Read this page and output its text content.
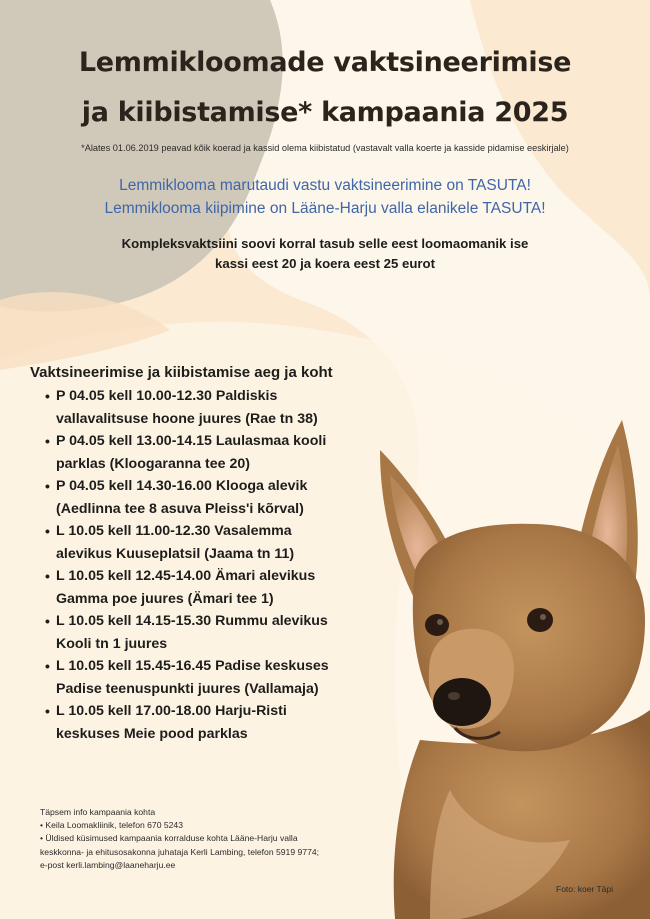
Lemmikloomade vaktsineerimise
ja kiibistamise* kampaania 2025
*Alates 01.06.2019 peavad kõik koerad ja kassid olema kiibistatud (vastavalt valla koerte ja kasside pidamise eeskirjale)
Lemmiklooma marutaudi vastu vaktsineerimine on TASUTA!
Lemmiklooma kiipimine on Lääne-Harju valla elanikele TASUTA!
Kompleksvaktsiini soovi korral tasub selle eest loomaomanik ise
kassi eest 20 ja koera eest 25 eurot
Vaktsineerimise ja kiibistamise aeg ja koht
• P 04.05 kell 10.00-12.30 Paldiskis
vallavalitsuse hoone juures (Rae tn 38)
• P 04.05 kell 13.00-14.15 Laulasmaa kooli
parklas (Kloogaranna tee 20)
• P 04.05 kell 14.30-16.00 Klooga alevik
(Aedlinna tee 8 asuva Pleiss'i kõrval)
• L 10.05 kell 11.00-12.30 Vasalemma
alevikus Kuuseplatsil (Jaama tn 11)
• L 10.05 kell 12.45-14.00 Ämari alevikus
Gamma poe juures (Ämari tee 1)
• L 10.05 kell 14.15-15.30 Rummu alevikus
Kooli tn 1 juures
• L 10.05 kell 15.45-16.45 Padise keskuses
Padise teenuspunkti juures (Vallamaja)
• L 10.05 kell 17.00-18.00 Harju-Risti
keskuses Meie pood parklas
Täpsem info kampaania kohta
• Keila Loomakliinik, telefon 670 5243
• Üldised küsimused kampaania korralduse kohta Lääne-Harju valla
keskkonna- ja ehitusosakonna juhataja Kerli Lambing, telefon 5919 9774;
e-post kerli.lambing@laaneharju.ee
Foto: koer Täpi
